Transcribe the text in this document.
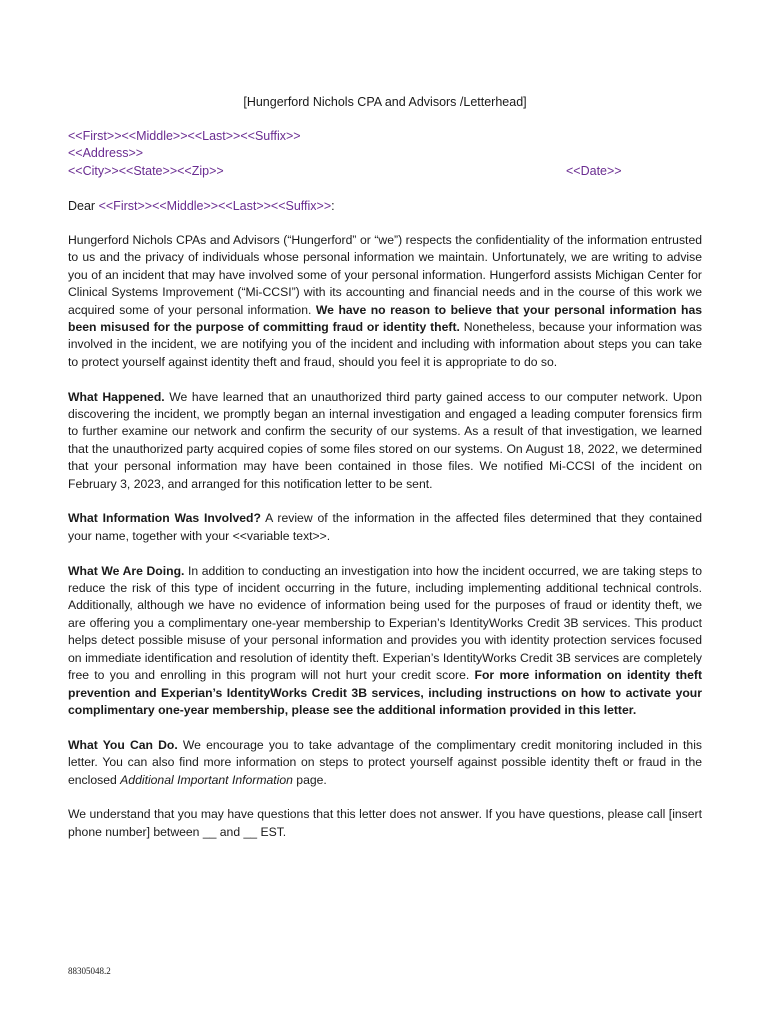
[Hungerford Nichols CPA and Advisors /Letterhead]
<<First>><<Middle>><<Last>><<Suffix>>
<<Address>>
<<City>><<State>><<Zip>>	<<Date>>
Dear <<First>><<Middle>><<Last>><<Suffix>>:

Hungerford Nichols CPAs and Advisors (“Hungerford” or “we”) respects the confidentiality of the information entrusted to us and the privacy of individuals whose personal information we maintain. Unfortunately, we are writing to advise you of an incident that may have involved some of your personal information. Hungerford assists Michigan Center for Clinical Systems Improvement (“Mi-CCSI”) with its accounting and financial needs and in the course of this work we acquired some of your personal information. We have no reason to believe that your personal information has been misused for the purpose of committing fraud or identity theft. Nonetheless, because your information was involved in the incident, we are notifying you of the incident and including with information about steps you can take to protect yourself against identity theft and fraud, should you feel it is appropriate to do so.

What Happened. We have learned that an unauthorized third party gained access to our computer network. Upon discovering the incident, we promptly began an internal investigation and engaged a leading computer forensics firm to further examine our network and confirm the security of our systems. As a result of that investigation, we learned that the unauthorized party acquired copies of some files stored on our systems. On August 18, 2022, we determined that your personal information may have been contained in those files. We notified Mi-CCSI of the incident on February 3, 2023, and arranged for this notification letter to be sent.

What Information Was Involved? A review of the information in the affected files determined that they contained your name, together with your <<variable text>>.

What We Are Doing. In addition to conducting an investigation into how the incident occurred, we are taking steps to reduce the risk of this type of incident occurring in the future, including implementing additional technical controls. Additionally, although we have no evidence of information being used for the purposes of fraud or identity theft, we are offering you a complimentary one-year membership to Experian’s IdentityWorks Credit 3B services. This product helps detect possible misuse of your personal information and provides you with identity protection services focused on immediate identification and resolution of identity theft. Experian’s IdentityWorks Credit 3B services are completely free to you and enrolling in this program will not hurt your credit score. For more information on identity theft prevention and Experian’s IdentityWorks Credit 3B services, including instructions on how to activate your complimentary one-year membership, please see the additional information provided in this letter.

What You Can Do. We encourage you to take advantage of the complimentary credit monitoring included in this letter. You can also find more information on steps to protect yourself against possible identity theft or fraud in the enclosed Additional Important Information page.

We understand that you may have questions that this letter does not answer. If you have questions, please call [insert phone number] between __ and __ EST.

88305048.2
